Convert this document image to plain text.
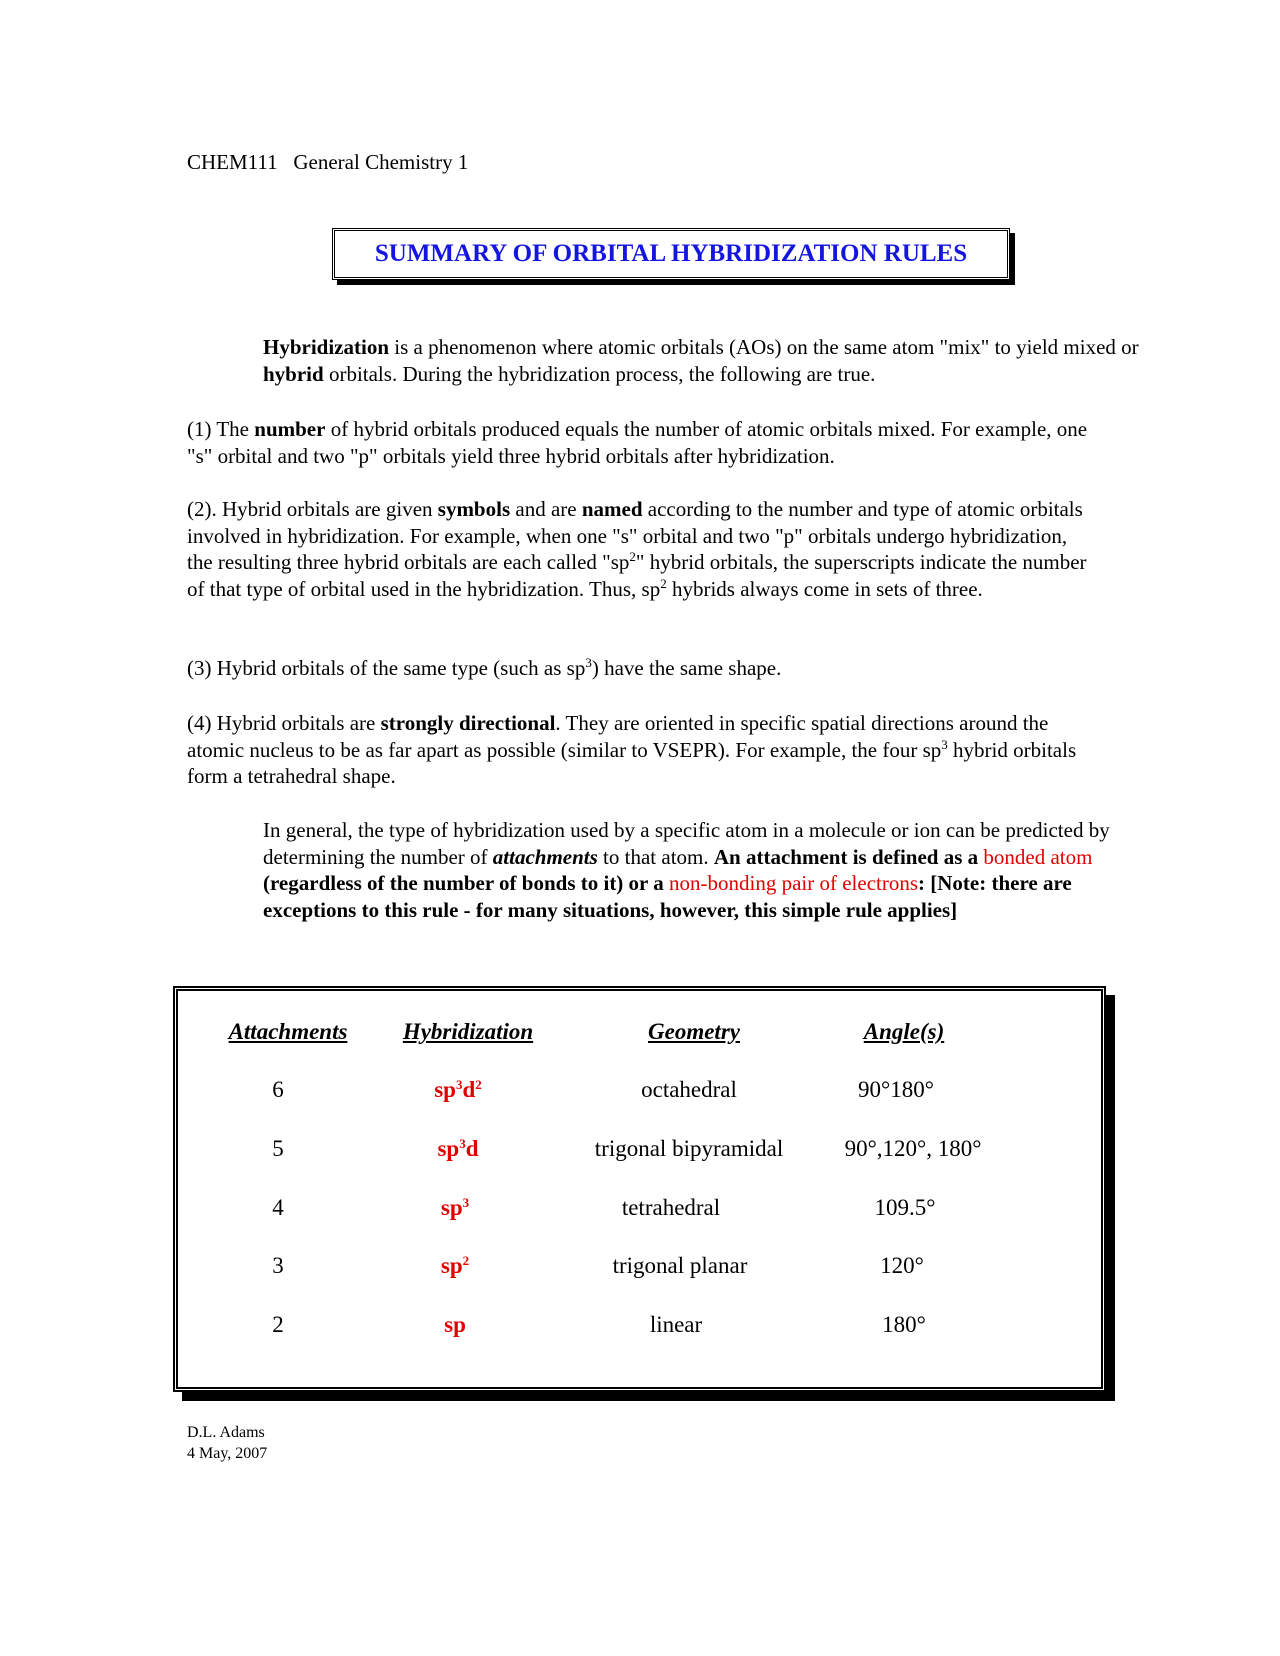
CHEM111 General Chemistry 1
SUMMARY OF ORBITAL HYBRIDIZATION RULES
Hybridization is a phenomenon where atomic orbitals (AOs) on the same atom "mix" to yield mixed or hybrid orbitals. During the hybridization process, the following are true.
(1) The number of hybrid orbitals produced equals the number of atomic orbitals mixed. For example, one "s" orbital and two "p" orbitals yield three hybrid orbitals after hybridization.
(2). Hybrid orbitals are given symbols and are named according to the number and type of atomic orbitals involved in hybridization. For example, when one "s" orbital and two "p" orbitals undergo hybridization, the resulting three hybrid orbitals are each called "$sp^2$" hybrid orbitals, the superscripts indicate the number of that type of orbital used in the hybridization. Thus, $sp^2$ hybrids always come in sets of three.
(3) Hybrid orbitals of the same type (such as $sp^3$) have the same shape.
(4) Hybrid orbitals are strongly directional. They are oriented in specific spatial directions around the atomic nucleus to be as far apart as possible (similar to VSEPR). For example, the four $sp^3$ hybrid orbitals form a tetrahedral shape.
In general, the type of hybridization used by a specific atom in a molecule or ion can be predicted by determining the number of attachments to that atom. An attachment is defined as a bonded atom (regardless of the number of bonds to it) or a non-bonding pair of electrons: [Note: there are exceptions to this rule - for many situations, however, this simple rule applies]
Attachments Hybridization	Geometry	Angle(s)
6	$sp^3d^2$	octahedral	90°180°
5	$sp^3d$	trigonal bipyramidal	90°,120°, 180°
4	$sp^3$	tetrahedral	109.5°
3	$sp^2$	trigonal planar	120°
2	sp	linear	180°
D.L. Adams
4 May, 2007
